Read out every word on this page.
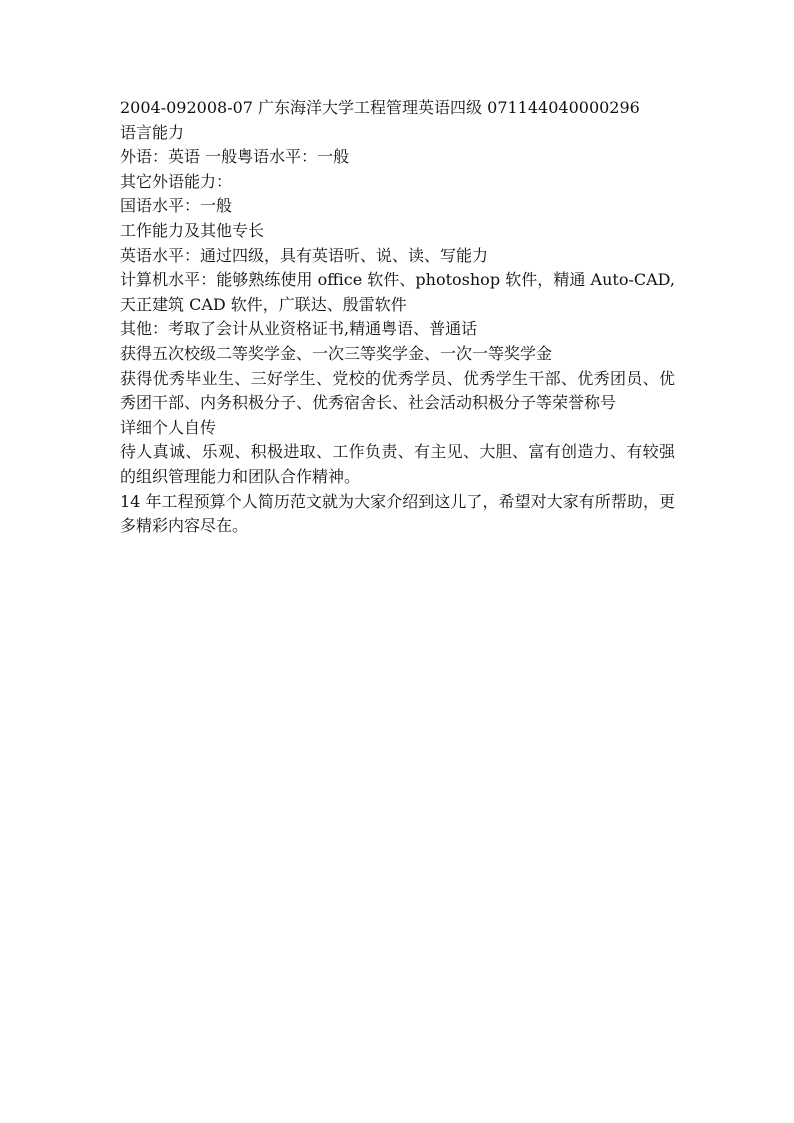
2004-092008-07 广东海洋大学工程管理英语四级 071144040000296
语言能力
外语：英语 一般粤语水平：一般
其它外语能力：
国语水平：一般
工作能力及其他专长
英语水平：通过四级，具有英语听、说、读、写能力
计算机水平：能够熟练使用 office 软件、photoshop 软件，精通 Auto-CAD,天正建筑 CAD 软件，广联达、殷雷软件
其他：考取了会计从业资格证书,精通粤语、普通话
获得五次校级二等奖学金、一次三等奖学金、一次一等奖学金
获得优秀毕业生、三好学生、党校的优秀学员、优秀学生干部、优秀团员、优秀团干部、内务积极分子、优秀宿舍长、社会活动积极分子等荣誉称号
详细个人自传
待人真诚、乐观、积极进取、工作负责、有主见、大胆、富有创造力、有较强的组织管理能力和团队合作精神。
14 年工程预算个人简历范文就为大家介绍到这儿了，希望对大家有所帮助，更多精彩内容尽在。
